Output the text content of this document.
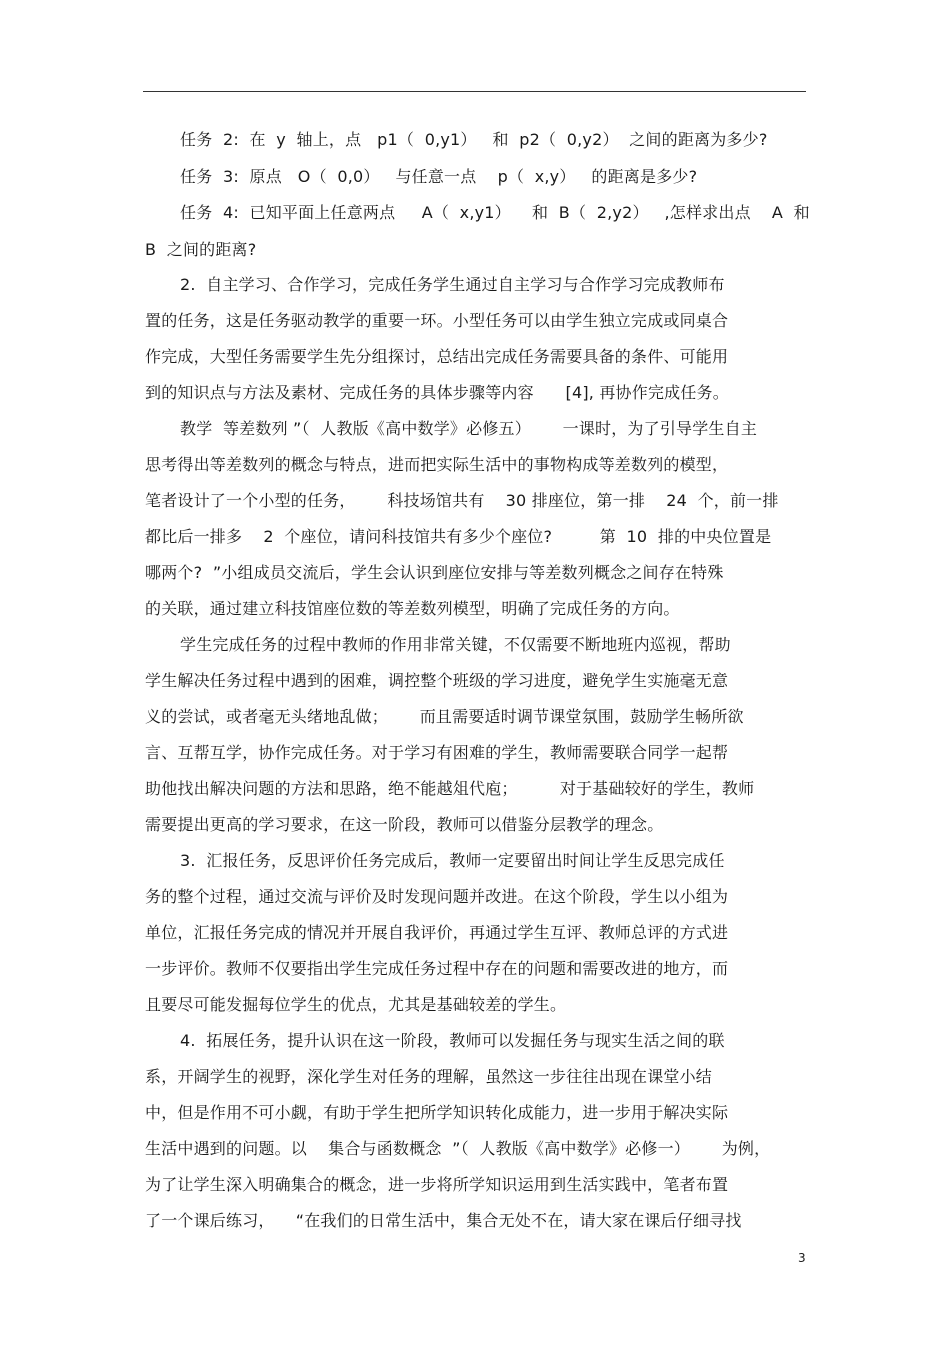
任务  2:  在  y  轴上，点   p1（  0,y1）   和  p2（  0,y2）  之间的距离为多少?
任务  3:  原点   O（  0,0）   与任意一点    p（  x,y）   的距离是多少?
任务  4:  已知平面上任意两点     A（  x,y1）    和  B（  2,y2）   ,怎样求出点    A  和
B  之间的距离?
2.  自主学习、合作学习，完成任务学生通过自主学习与合作学习完成教师布
置的任务，这是任务驱动教学的重要一环。小型任务可以由学生独立完成或同桌合
作完成，大型任务需要学生先分组探讨，总结出完成任务需要具备的条件、可能用
到的知识点与方法及素材、完成任务的具体步骤等内容      [4], 再协作完成任务。
教学  等差数列 ”（  人教版《高中数学》必修五）      一课时，为了引导学生自主
思考得出等差数列的概念与特点，进而把实际生活中的事物构成等差数列的模型，
笔者设计了一个小型的任务，      科技场馆共有    30 排座位，第一排    24  个，前一排
都比后一排多    2  个座位，请问科技馆共有多少个座位?         第  10  排的中央位置是
哪两个?  ”小组成员交流后，学生会认识到座位安排与等差数列概念之间存在特殊
的关联，通过建立科技馆座位数的等差数列模型，明确了完成任务的方向。
学生完成任务的过程中教师的作用非常关键，不仅需要不断地班内巡视，帮助
学生解决任务过程中遇到的困难，调控整个班级的学习进度，避免学生实施毫无意
义的尝试，或者毫无头绪地乱做；      而且需要适时调节课堂氛围，鼓励学生畅所欲
言、互帮互学，协作完成任务。对于学习有困难的学生，教师需要联合同学一起帮
助他找出解决问题的方法和思路，绝不能越俎代庖；        对于基础较好的学生，教师
需要提出更高的学习要求，在这一阶段，教师可以借鉴分层教学的理念。
3.  汇报任务，反思评价任务完成后，教师一定要留出时间让学生反思完成任
务的整个过程，通过交流与评价及时发现问题并改进。在这个阶段，学生以小组为
单位，汇报任务完成的情况并开展自我评价，再通过学生互评、教师总评的方式进
一步评价。教师不仅要指出学生完成任务过程中存在的问题和需要改进的地方，而
且要尽可能发掘每位学生的优点，尤其是基础较差的学生。
4.  拓展任务，提升认识在这一阶段，教师可以发掘任务与现实生活之间的联
系，开阔学生的视野，深化学生对任务的理解，虽然这一步往往出现在课堂小结
中，但是作用不可小觑，有助于学生把所学知识转化成能力，进一步用于解决实际
生活中遇到的问题。以    集合与函数概念  ”（  人教版《高中数学》必修一）      为例，
为了让学生深入明确集合的概念，进一步将所学知识运用到生活实践中，笔者布置
了一个课后练习，    “在我们的日常生活中，集合无处不在，请大家在课后仔细寻找
3
